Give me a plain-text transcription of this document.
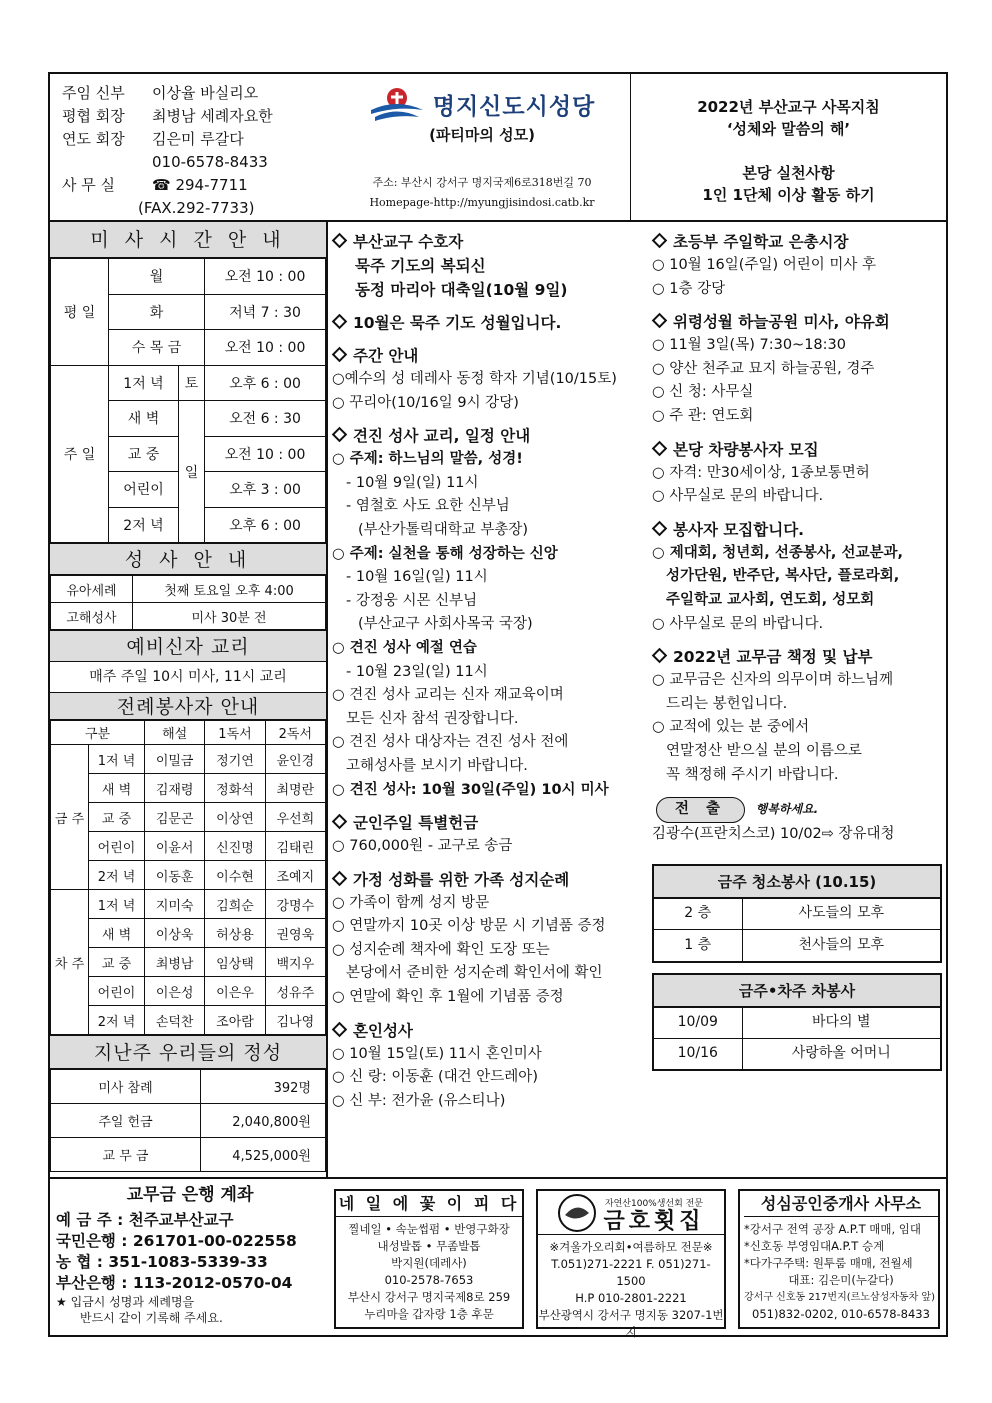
주임 신부 이상율 바실리오
평협 회장 최병남 세례자요한
연도 회장 김은미 루갈다
010-6578-8433
사 무 실 ☎ 294-7711
(FAX.292-7733)
명지신도시성당
(파티마의 성모)
주소: 부산시 강서구 명지국제6로318번길 70
Homepage-http://myungjisindosi.catb.kr
2022년 부산교구 사목지침
‘성체와 말씀의 해’
본당 실천사항
1인 1단체 이상 활동 하기
미 사 시 간 안 내
평 일	월		오전 10 : 00
	화		저녁 7 : 30
	수 목 금		오전 10 : 00
주 일	1저 녁	토	오후 6 : 00
	새 벽	일	오전 6 : 30
	교 중		오전 10 : 00
	어린이		오후 3 : 00
	2저 녁		오후 6 : 00
성 사 안 내
유아세례	첫째 토요일 오후 4:00
고해성사	미사 30분 전
예비신자 교리
매주 주일 10시 미사, 11시 교리
전례봉사자 안내
구분		해설	1독서	2독서
금 주	1저 녁	이밀금	정기연	윤인경
	새 벽	김재령	정화석	최명란
	교 중	김문곤	이상연	우선희
	어린이	이윤서	신진명	김태린
	2저 녁	이동훈	이수현	조예지
차 주	1저 녁	지미숙	김희순	강명수
	새 벽	이상욱	허상용	권영욱
	교 중	최병남	임상택	백지우
	어린이	이은성	이은우	성유주
	2저 녁	손덕찬	조아람	김나영
지난주 우리들의 정성
미사 참례	392명
주일 헌금	2,040,800원
교 무 금	4,525,000원
부산교구 수호자
묵주 기도의 복되신
동정 마리아 대축일(10월 9일)
10월은 묵주 기도 성월입니다.
주간 안내
○예수의 성 데레사 동정 학자 기념(10/15토)
○ 꾸리아(10/16일 9시 강당)
견진 성사 교리, 일정 안내
○ 주제: 하느님의 말씀, 성경!
- 10월 9일(일) 11시
- 염철호 사도 요한 신부님
(부산가톨릭대학교 부총장)
○ 주제: 실천을 통해 성장하는 신앙
- 10월 16일(일) 11시
- 강정웅 시몬 신부님
(부산교구 사회사목국 국장)
○ 견진 성사 예절 연습
- 10월 23일(일) 11시
○ 견진 성사 교리는 신자 재교육이며
모든 신자 참석 권장합니다.
○ 견진 성사 대상자는 견진 성사 전에
고해성사를 보시기 바랍니다.
○ 견진 성사: 10월 30일(주일) 10시 미사
군인주일 특별헌금
○ 760,000원 - 교구로 송금
가정 성화를 위한 가족 성지순례
○ 가족이 함께 성지 방문
○ 연말까지 10곳 이상 방문 시 기념품 증정
○ 성지순례 책자에 확인 도장 또는
본당에서 준비한 성지순례 확인서에 확인
○ 연말에 확인 후 1월에 기념품 증정
혼인성사
○ 10월 15일(토) 11시 혼인미사
○ 신 랑: 이동훈 (대건 안드레아)
○ 신 부: 전가윤 (유스티나)
초등부 주일학교 은총시장
○ 10월 16일(주일) 어린이 미사 후
○ 1층 강당
위령성월 하늘공원 미사, 야유회
○ 11월 3일(목) 7:30~18:30
○ 양산 천주교 묘지 하늘공원, 경주
○ 신 청: 사무실
○ 주 관: 연도회
본당 차량봉사자 모집
○ 자격: 만30세이상, 1종보통면허
○ 사무실로 문의 바랍니다.
봉사자 모집합니다.
○ 제대회, 청년회, 선종봉사, 선교분과,
성가단원, 반주단, 복사단, 플로라회,
주일학교 교사회, 연도회, 성모회
○ 사무실로 문의 바랍니다.
2022년 교무금 책정 및 납부
○ 교무금은 신자의 의무이며 하느님께
드리는 봉헌입니다.
○ 교적에 있는 분 중에서
연말정산 받으실 분의 이름으로
꼭 책정해 주시기 바랍니다.
전 출 행복하세요.
김광수(프란치스코) 10/02⇨ 장유대청
금주 청소봉사 (10.15)
2 층	사도들의 모후
1 층	천사들의 모후
금주•차주 차봉사
10/09	바다의 별
10/16	사랑하올 어머니
교무금 은행 계좌
예 금 주 : 천주교부산교구
국민은행 : 261701-00-022558
농 협 : 351-1083-5339-33
부산은행 : 113-2012-0570-04
★ 입금시 성명과 세례명을
반드시 같이 기록해 주세요.
네 일 에 꽃 이 피 다
찔네일 • 속눈썹펌 • 반영구화장
내성발톱 • 무좀발톱
박지원(데레사)
010-2578-7653
부산시 강서구 명지국제8로 259
누리마을 갑자랑 1층 후문
자연산100%생선회 전문
금호횟집
※겨울가오리회•여름하모 전문※
T.051)271-2221 F. 051)271-1500
H.P 010-2801-2221
부산광역시 강서구 명지동 3207-1번지
성심공인중개사 사무소
*강서구 전역 공장 A.P.T 매매, 임대
*신호동 부영임대A.P.T 승계
*다가구주택: 원투룸 매매, 전월세
대표: 김은미(누갈다)
강서구 신호동 217번지(르노삼성자동차 앞)
051)832-0202, 010-6578-8433
